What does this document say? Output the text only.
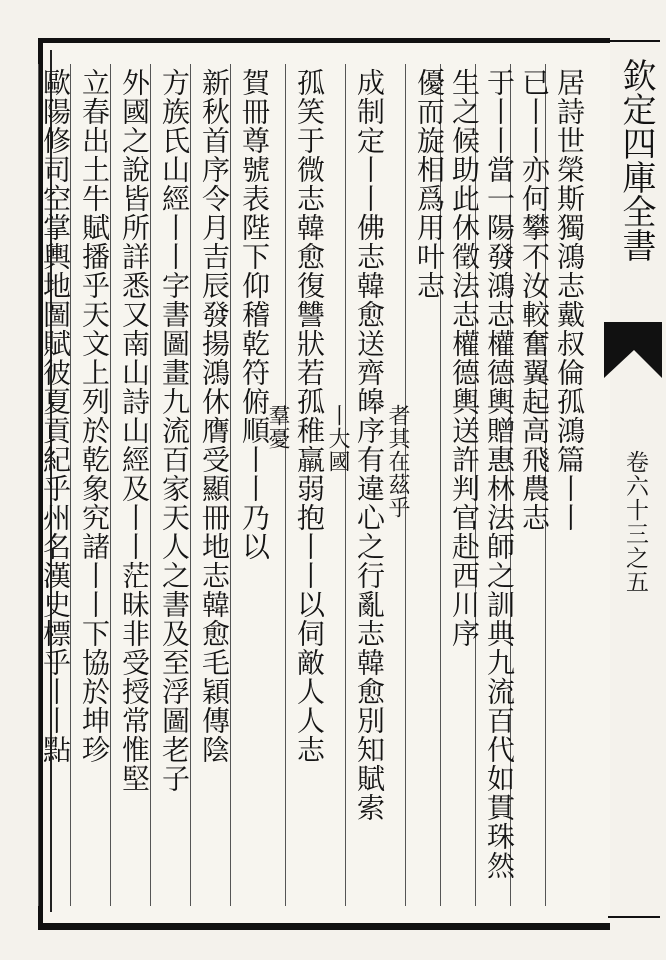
居詩世榮斯獨鴻志戴叔倫孤鴻篇丨丨
已丨丨亦何攀不汝較奮翼起高飛農志
于丨丨當一陽發鴻志權德輿贈惠林法師之訓典九流百代如貫珠然
生之候助此休徵法志權德輿送許判官赴西川序
優而旋相爲用叶志
者其在茲乎
成制定丨丨佛志韓愈送齊皞序有違心之行亂志韓愈別知賦索
丨大國
孤笑于微志韓愈復讐狀若孤稚羸弱抱丨丨以伺敵人人志
羣憂
賀冊尊號表陛下仰稽乾符俯順丨丨乃以
新秋首序令月吉辰發揚鴻休膺受顯冊地志韓愈毛穎傳陰
方族氏山經丨丨字書圖畫九流百家天人之書及至浮圖老子
外國之說皆所詳悉又南山詩山經及丨丨茫昧非受授常惟堅
立春出土牛賦播乎天文上列於乾象究諸丨丨下協於坤珍
歐陽修司空掌輿地圖賦彼夏貢紀乎州名漢史標乎丨丨點	欽定四庫全書
卷六十三之五
